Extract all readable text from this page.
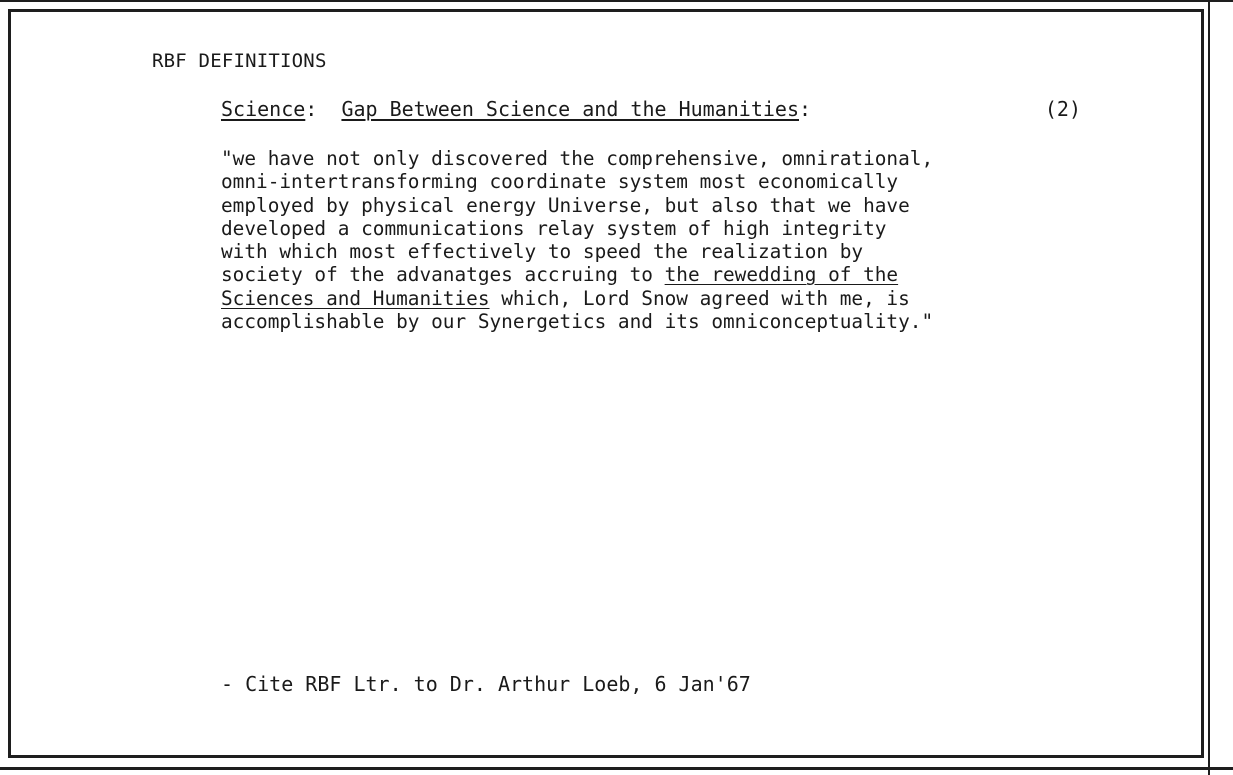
RBF DEFINITIONS
Science: Gap Between Science and the Humanities:	(2)
"we have not only discovered the comprehensive, omnirational,
omni-intertransforming coordinate system most economically
employed by physical energy Universe, but also that we have
developed a communications relay system of high integrity
with which most effectively to speed the realization by
society of the advanatges accruing to the rewedding of the
Sciences and Humanities which, Lord Snow agreed with me, is
accomplishable by our Synergetics and its omniconceptuality."
- Cite RBF Ltr. to Dr. Arthur Loeb, 6 Jan'67
